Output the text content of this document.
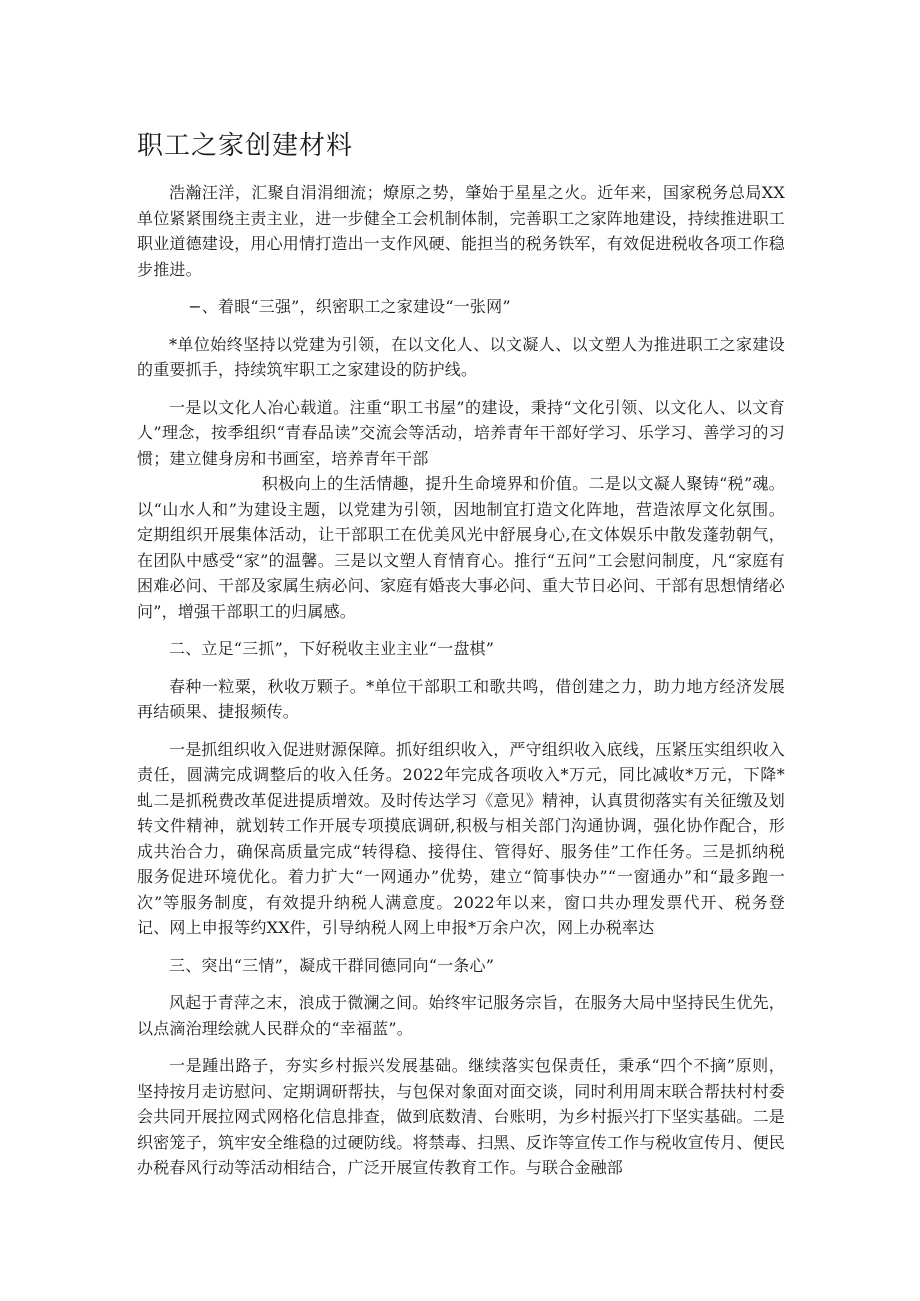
职工之家创建材料

浩瀚汪洋，汇聚自涓涓细流；燎原之势，肇始于星星之火。近年来，国家税务总局XX单位紧紧围绕主责主业，进一步健全工会机制体制，完善职工之家阵地建设，持续推进职工职业道德建设，用心用情打造出一支作风硬、能担当的税务铁军，有效促进税收各项工作稳步推进。

−、着眼“三强”，织密职工之家建设“一张网”

*单位始终坚持以党建为引领，在以文化人、以文凝人、以文塑人为推进职工之家建设的重要抓手，持续筑牢职工之家建设的防护线。

一是以文化人冶心载道。注重“职工书屋”的建设，秉持“文化引领、以文化人、以文育人”理念，按季组织“青春品读”交流会等活动，培养青年干部好学习、乐学习、善学习的习惯；建立健身房和书画室，培养青年干部

积极向上的生活情趣，提升生命境界和价值。二是以文凝人聚铸“税”魂。以“山水人和”为建设主题，以党建为引领，因地制宜打造文化阵地，营造浓厚文化氛围。定期组织开展集体活动，让干部职工在优美风光中舒展身心,在文体娱乐中散发蓬勃朝气，在团队中感受“家”的温馨。三是以文塑人育情育心。推行“五问”工会慰问制度，凡“家庭有困难必问、干部及家属生病必问、家庭有婚丧大事必问、重大节日必问、干部有思想情绪必问”，增强干部职工的归属感。

二、立足“三抓”，下好税收主业主业“一盘棋”

春种一粒粟，秋收万颗子。*单位干部职工和歌共鸣，借创建之力，助力地方经济发展再结硕果、捷报频传。

一是抓组织收入促进财源保障。抓好组织收入，严守组织收入底线，压紧压实组织收入责任，圆满完成调整后的收入任务。2022年完成各项收入*万元，同比减收*万元，下降*虬二是抓税费改革促进提质增效。及时传达学习《意见》精神，认真贯彻落实有关征缴及划转文件精神，就划转工作开展专项摸底调研,积极与相关部门沟通协调，强化协作配合，形成共治合力，确保高质量完成“转得稳、接得住、管得好、服务佳”工作任务。三是抓纳税服务促进环境优化。着力扩大“一网通办”优势，建立“简事快办”“一窗通办”和“最多跑一次”等服务制度，有效提升纳税人满意度。2022年以来，窗口共办理发票代开、税务登记、网上申报等约XX件，引导纳税人网上申报*万余户次，网上办税率达

三、突出“三情”，凝成干群同德同向“一条心”

风起于青萍之末，浪成于微澜之间。始终牢记服务宗旨，在服务大局中坚持民生优先，以点滴治理绘就人民群众的“幸福蓝”。

一是踵出路子，夯实乡村振兴发展基础。继续落实包保责任，秉承“四个不摘”原则，坚持按月走访慰问、定期调研帮扶，与包保对象面对面交谈，同时利用周末联合帮扶村村委会共同开展拉网式网格化信息排查，做到底数清、台账明，为乡村振兴打下坚实基础。二是织密笼子，筑牢安全维稳的过硬防线。将禁毒、扫黑、反诈等宣传工作与税收宣传月、便民办税春风行动等活动相结合，广泛开展宣传教育工作。与联合金融部
